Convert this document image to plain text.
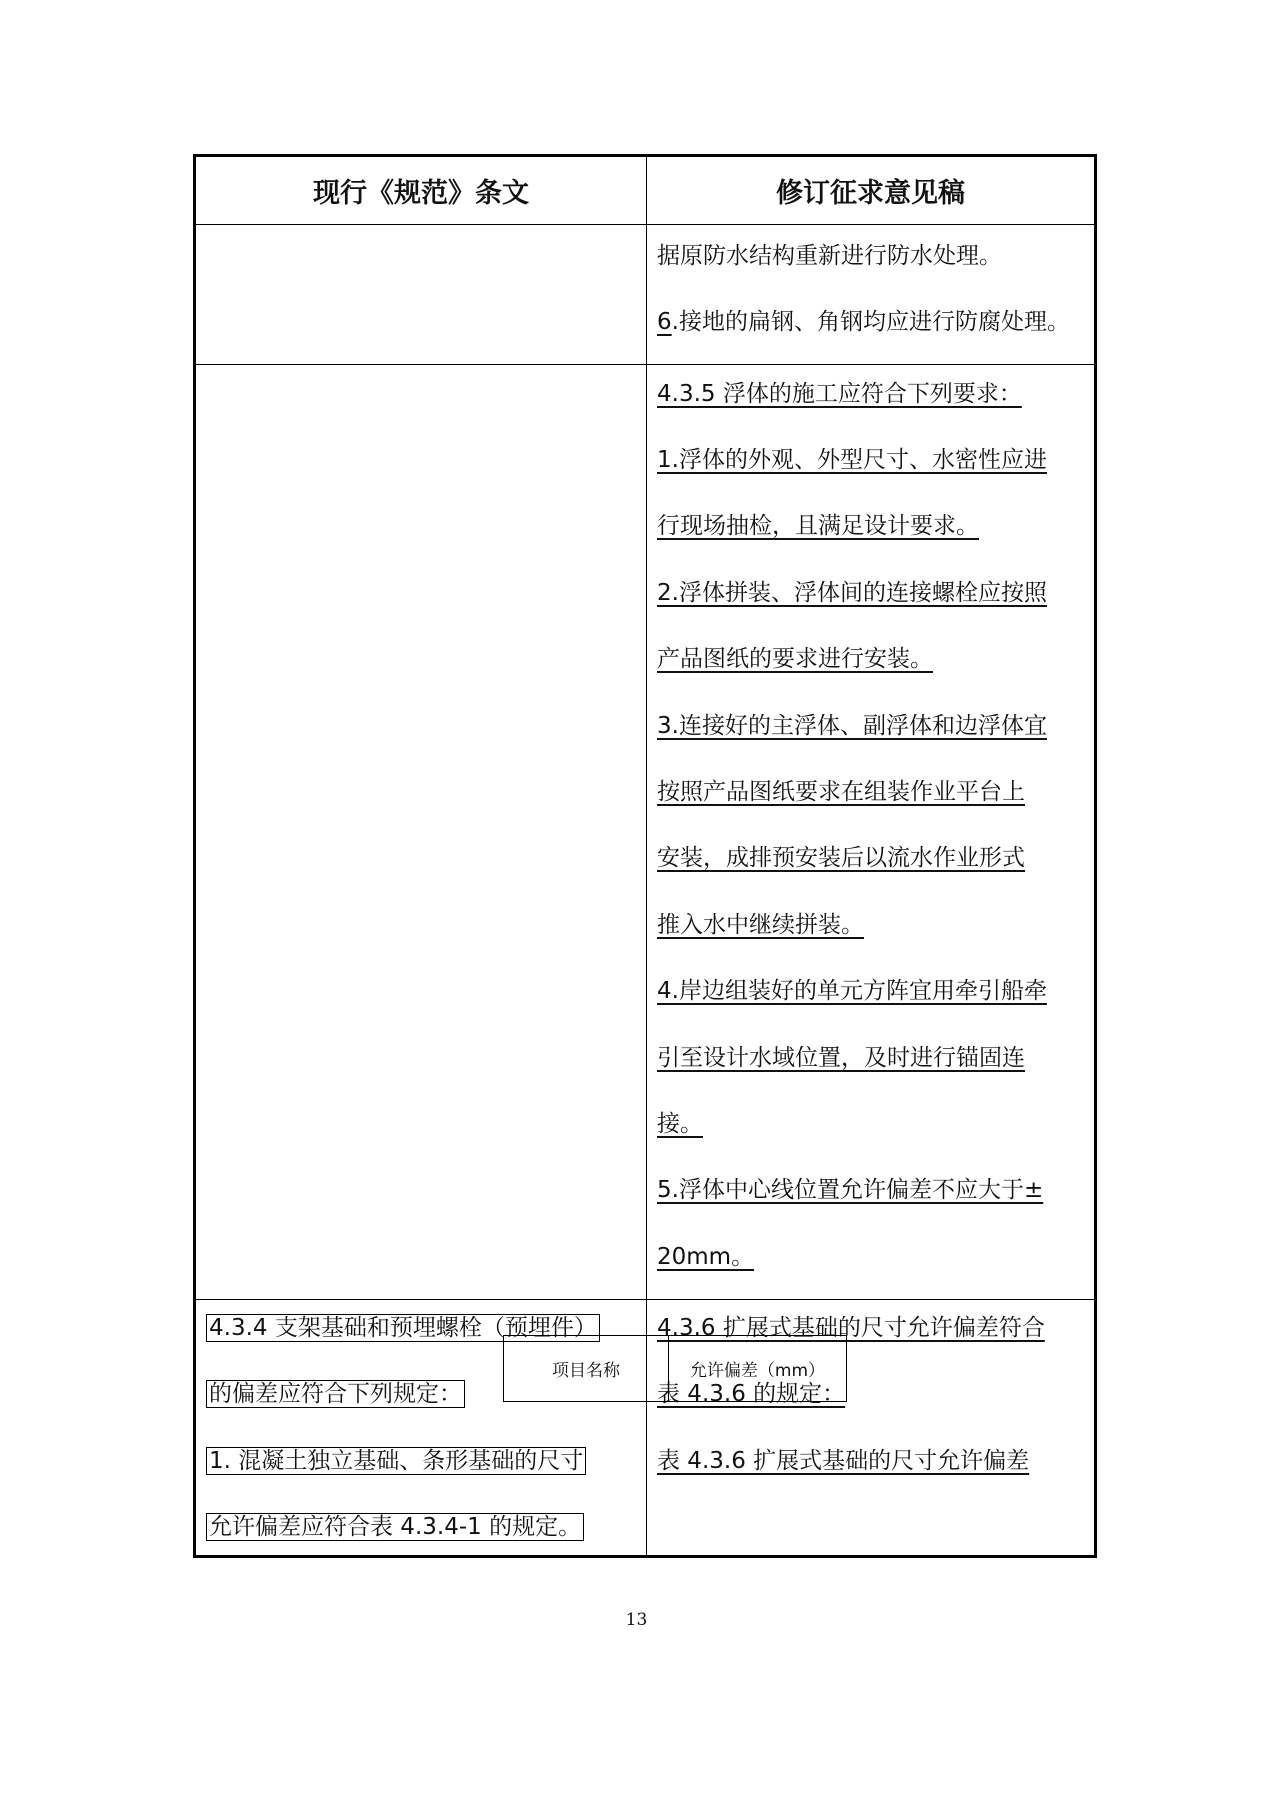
现行《规范》条文	修订征求意见稿
据原防水结构重新进行防水处理。
6.接地的扁钢、角钢均应进行防腐处理。
4.3.5 浮体的施工应符合下列要求：
1.浮体的外观、外型尺寸、水密性应进
行现场抽检，且满足设计要求。
2.浮体拼装、浮体间的连接螺栓应按照
产品图纸的要求进行安装。
3.连接好的主浮体、副浮体和边浮体宜
按照产品图纸要求在组装作业平台上
安装，成排预安装后以流水作业形式
推入水中继续拼装。
4.岸边组装好的单元方阵宜用牵引船牵
引至设计水域位置，及时进行锚固连
接。
5.浮体中心线位置允许偏差不应大于±
20mm。
4.3.4 支架基础和预埋螺栓（预埋件）
的偏差应符合下列规定：
1. 混凝土独立基础、条形基础的尺寸
允许偏差应符合表 4.3.4-1 的规定。
4.3.6 扩展式基础的尺寸允许偏差符合
表 4.3.6 的规定：
表 4.3.6 扩展式基础的尺寸允许偏差
项目名称	允许偏差（mm）
13
